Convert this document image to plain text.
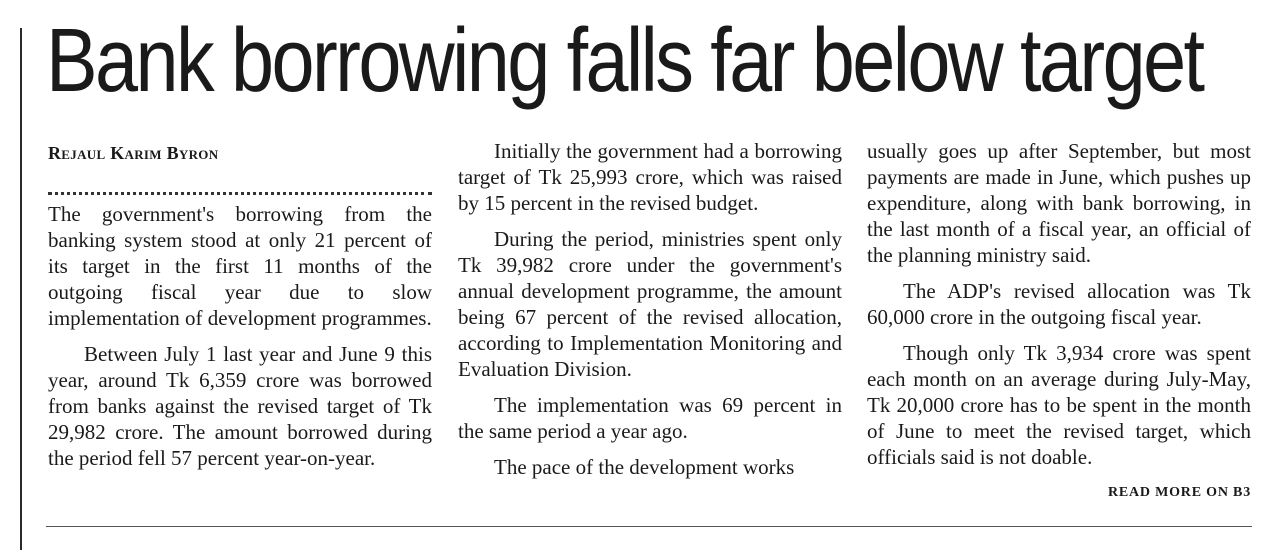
Bank borrowing falls far below target
Rejaul Karim Byron

The government's borrowing from the banking system stood at only 21 percent of its target in the first 11 months of the outgoing fiscal year due to slow implementation of development programmes.

Between July 1 last year and June 9 this year, around Tk 6,359 crore was borrowed from banks against the revised target of Tk 29,982 crore. The amount borrowed during the period fell 57 percent year-on-year.

Initially the government had a borrowing target of Tk 25,993 crore, which was raised by 15 percent in the revised budget.

During the period, ministries spent only Tk 39,982 crore under the government's annual development programme, the amount being 67 percent of the revised allocation, according to Implementation Monitoring and Evaluation Division.

The implementation was 69 percent in the same period a year ago.

The pace of the development works

usually goes up after September, but most payments are made in June, which pushes up expenditure, along with bank borrowing, in the last month of a fiscal year, an official of the planning ministry said.

The ADP's revised allocation was Tk 60,000 crore in the outgoing fiscal year.

Though only Tk 3,934 crore was spent each month on an average during July-May, Tk 20,000 crore has to be spent in the month of June to meet the revised target, which officials said is not doable.

READ MORE ON B3
